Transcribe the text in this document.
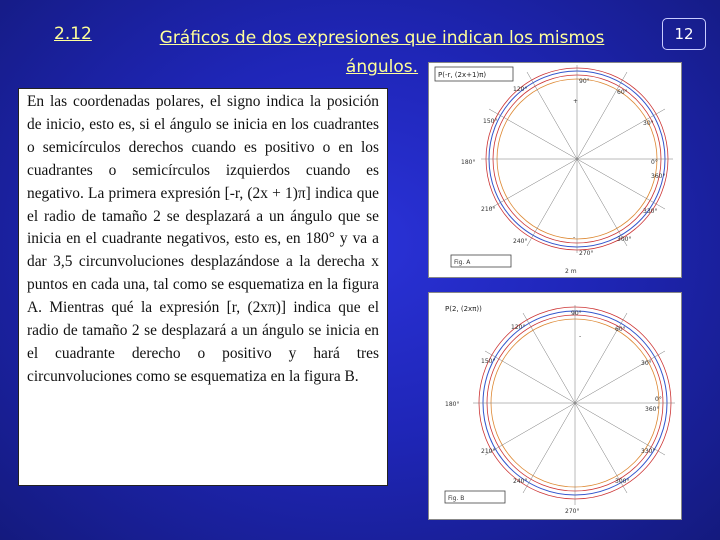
2.12	Gráficos de dos expresiones que indican los mismos ángulos.
12

En las coordenadas polares, el signo indica la posición de inicio, esto es, si el ángulo se inicia en los cuadrantes o semicírculos derechos cuando es positivo o en los cuadrantes o semicírculos izquierdos cuando es negativo. La primera expresión [-r, (2x + 1)π] indica que el radio de tamaño 2 se desplazará a un ángulo que se inicia en el cuadrante negativos, esto es, en 180° y va a dar 3,5 circunvoluciones desplazándose a la derecha x puntos en cada una, tal como se esquematiza en la figura A. Mientras qué la expresión [r, (2xπ)] indica que el radio de tamaño 2 se desplazará a un ángulo se inicia en el cuadrante derecho o positivo y hará tres circunvoluciones como se esquematiza en la figura B.

P(-r, (2x+1)π)
+
-
90°
60°
120°
30°
150°
0°
180°
360°
210°	330°
240°	300°
270°
2 m
Fig. A
P(2, (2xπ))
-
90°
60°
120°
30°
150°
0°
180°
360°
210°	330°
240°	300°
270°
Fig. B
